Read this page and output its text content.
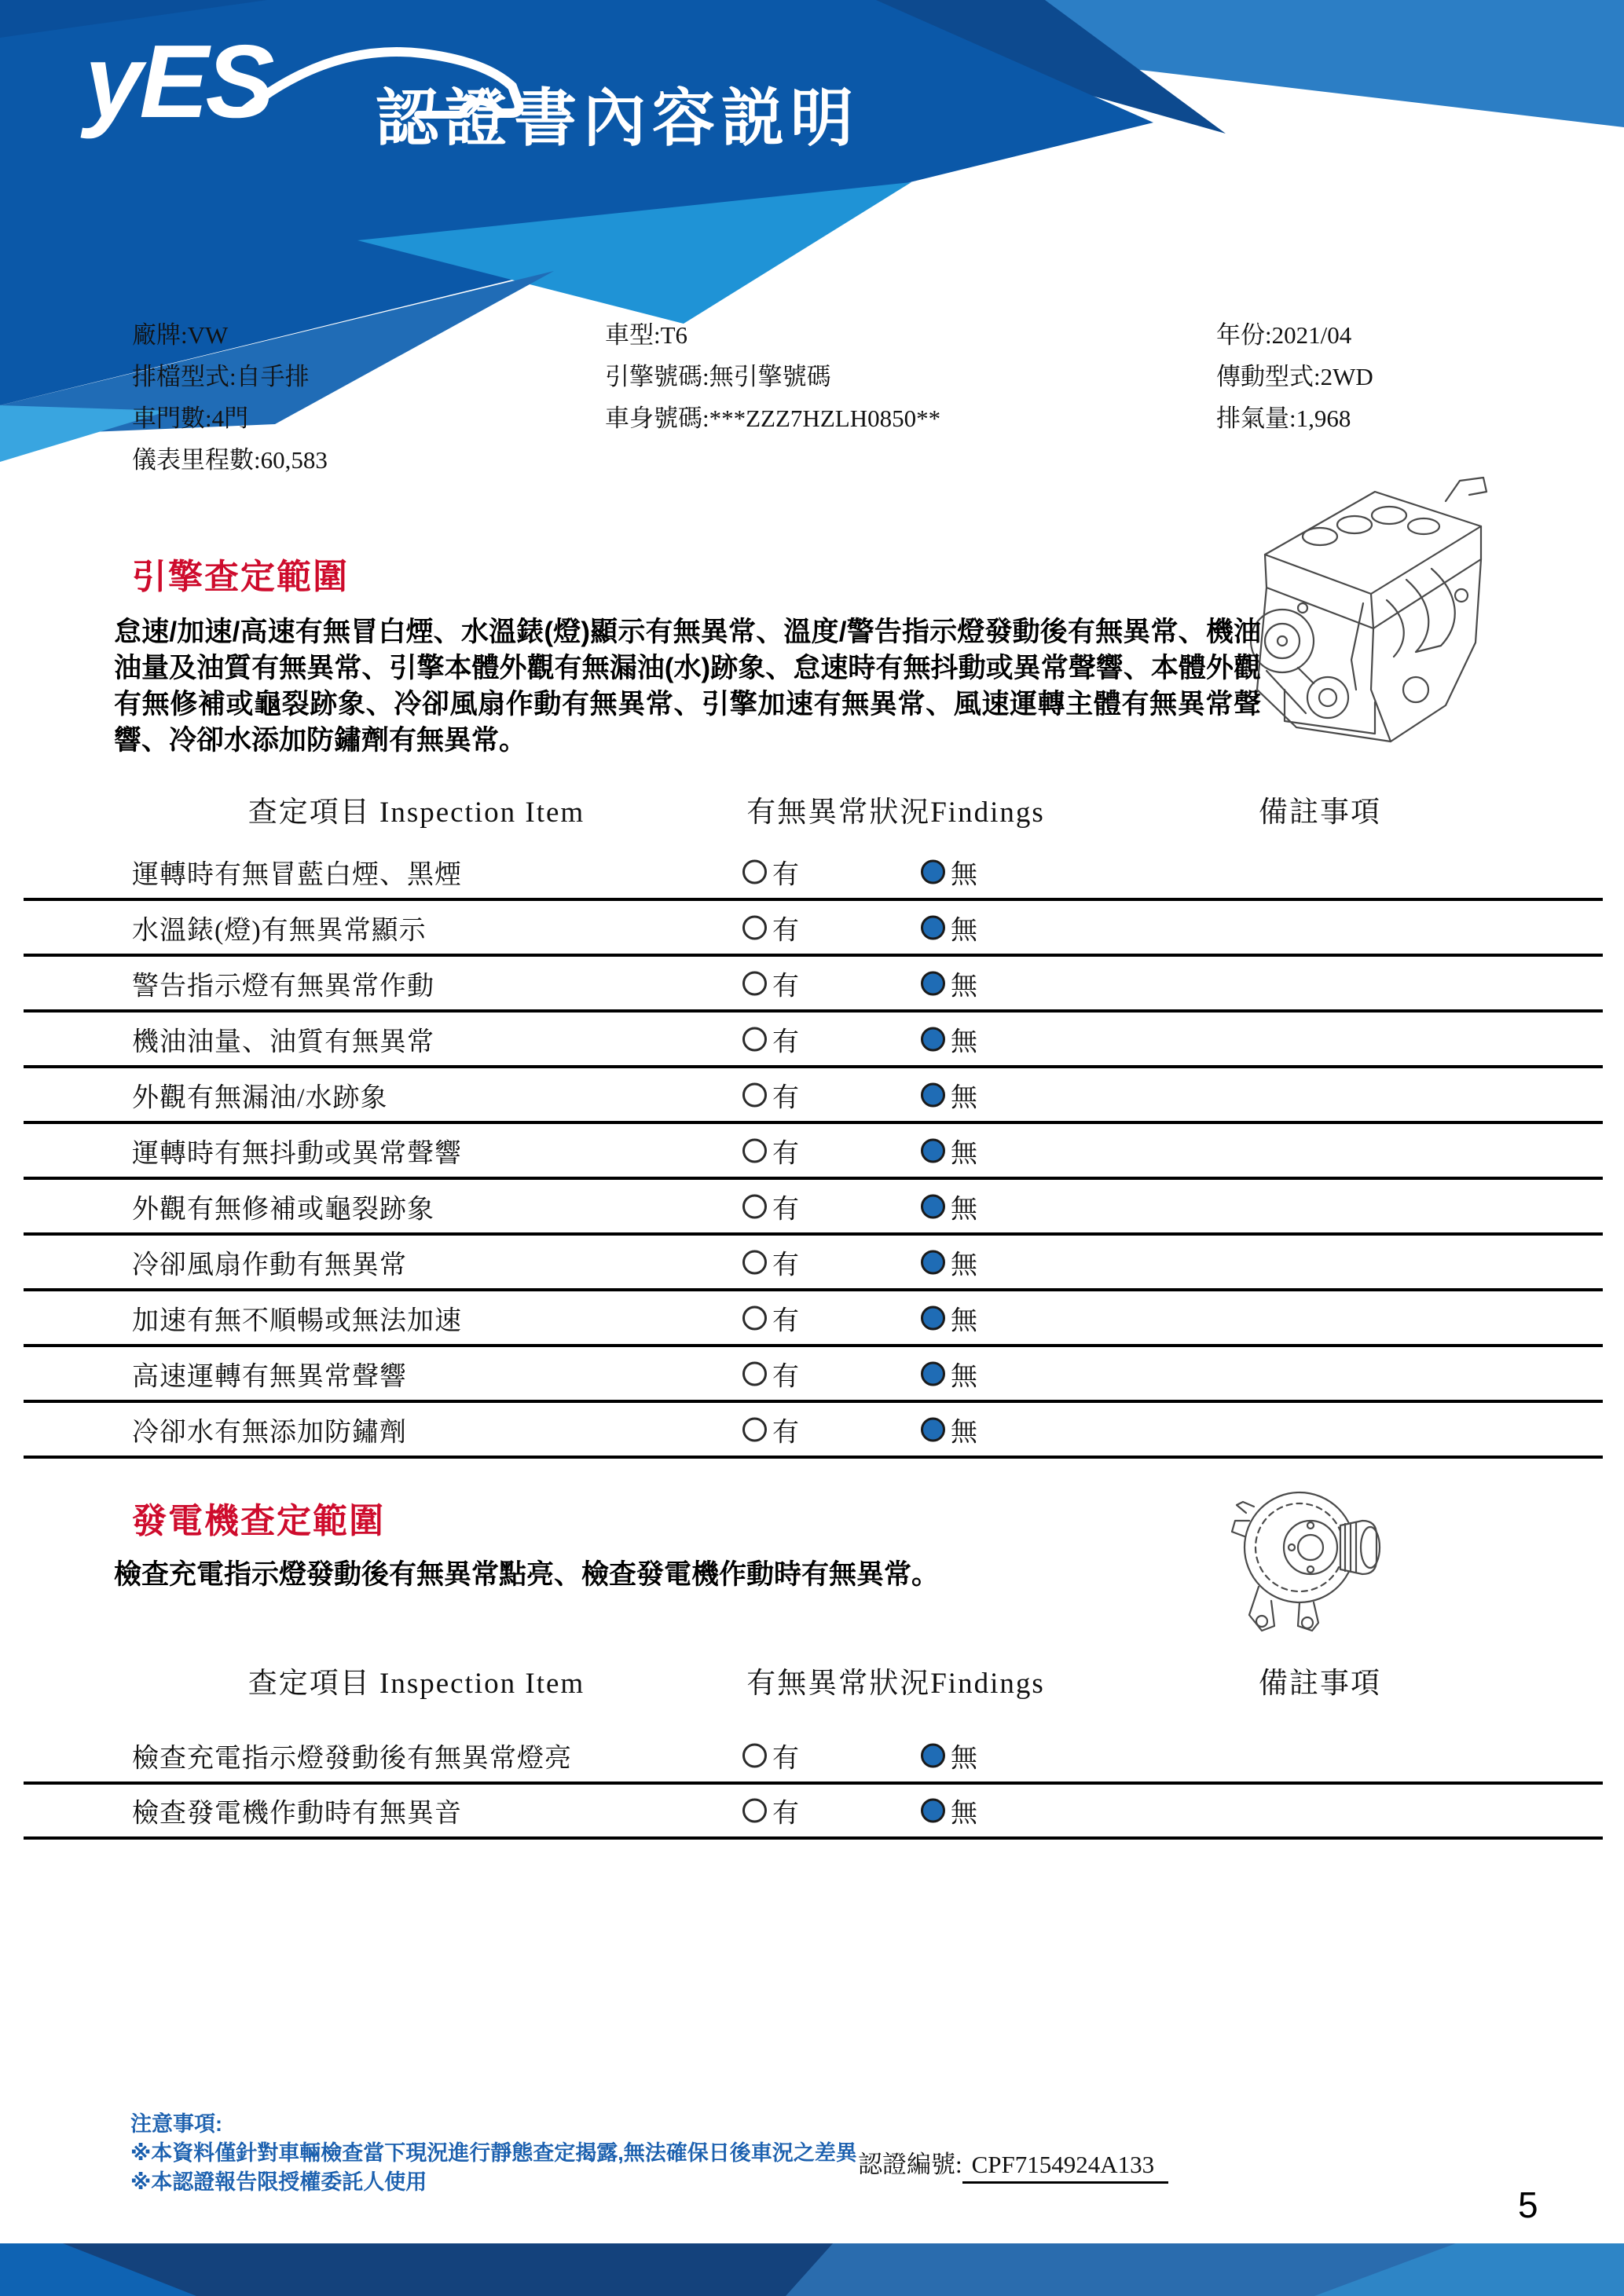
yES 認證書內容説明
廠牌:VW
排檔型式:自手排
車門數:4門
儀表里程數:60,583
車型:T6
引擎號碼:無引擎號碼
車身號碼:***ZZZ7HZLH0850**
年份:2021/04
傳動型式:2WD
排氣量:1,968
引擎查定範圍
怠速/加速/高速有無冒白煙、水溫錶(燈)顯示有無異常、溫度/警告指示燈發動後有無異常、機油油量及油質有無異常、引擎本體外觀有無漏油(水)跡象、怠速時有無抖動或異常聲響、本體外觀有無修補或龜裂跡象、冷卻風扇作動有無異常、引擎加速有無異常、風速運轉主體有無異常聲響、冷卻水添加防鏽劑有無異常。
查定項目 Inspection Item	有無異常狀況Findings	備註事項
運轉時有無冒藍白煙、黑煙	有	無
水溫錶(燈)有無異常顯示	有	無
警告指示燈有無異常作動	有	無
機油油量、油質有無異常	有	無
外觀有無漏油/水跡象	有	無
運轉時有無抖動或異常聲響	有	無
外觀有無修補或龜裂跡象	有	無
冷卻風扇作動有無異常	有	無
加速有無不順暢或無法加速	有	無
高速運轉有無異常聲響	有	無
冷卻水有無添加防鏽劑	有	無
發電機查定範圍
檢查充電指示燈發動後有無異常點亮、檢查發電機作動時有無異常。
查定項目 Inspection Item	有無異常狀況Findings	備註事項
檢查充電指示燈發動後有無異常燈亮	有	無
檢查發電機作動時有無異音	有	無
注意事項:
※本資料僅針對車輛檢查當下現況進行靜態查定揭露,無法確保日後車況之差異
※本認證報告限授權委託人使用
認證編號: CPF7154924A133
5
